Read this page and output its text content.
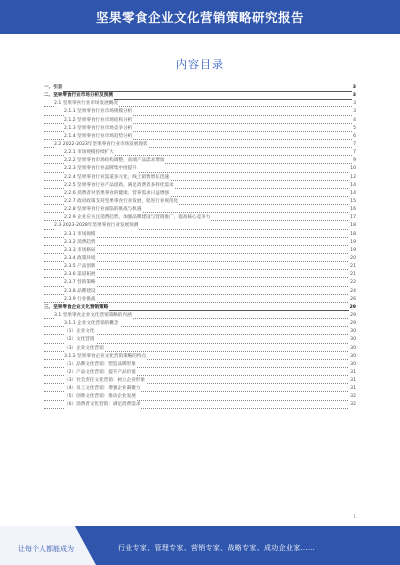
坚果零食企业文化营销策略研究报告
内容目录
一、引言	3
二、坚果零食行业市场分析及预测	3
2.1 坚果零食行业市场发展概况	3
2.1.1 坚果零食行业市场规模分析	3
2.1.2 坚果零食行业市场结构分析	4
2.1.3 坚果零食行业市场竞争分析	5
2.1.4 坚果零食行业市场趋势分析	6
2.2 2022-2023年坚果零食行业市场发展现状	7
2.2.1 市场规模持续扩大	7
2.2.2 坚果零食市场结构调整，高端产品需求增加	9
2.2.3 坚果零食行业品牌集中度提升	10
2.2.4 坚果零食行业渠道多元化，线上销售增长迅速	12
2.2.5 坚果零食行业产品创新，满足消费者多样化需求	14
2.2.6 消费者对坚果零食的健康、营养需求日益增强	14
2.2.7 政府政策支持坚果零食行业发展，促进行业规范化	15
2.2.8 坚果零食行业面临的挑战与机遇	16
2.2.9 企业应关注消费趋势，加强品牌建设与营销推广，提高核心竞争力	17
2.3 2023-2028年坚果零食行业发展预测	18
2.3.1 市场规模	18
2.3.2 消费趋势	19
2.3.3 市场格局	19
2.3.4 政策环境	20
2.3.5 产品创新	21
2.3.6 渠道拓展	21
2.3.7 营销策略	22
2.3.8 品牌建设	24
2.3.9 行业挑战	26
三、坚果零食企业文化营销策略	29
3.1 坚果零食企业文化营销策略的内涵	29
3.1.1 企业文化营销的概念	29
（1）企业文化	30
（2）文化营销	30
（3）企业文化营销	30
3.1.2 坚果零食企业文化营销策略的特点	30
（1）品牌文化营销：塑造品牌形象	30
（2）产品文化营销：提升产品价值	31
（3）社会责任文化营销：树立企业形象	31
（4）员工文化营销：增强企业凝聚力	31
（5）创新文化营销：推动企业发展	32
（6）消费者文化营销：满足消费需求	32
1
让每个人都能成为	行业专家、管理专家、营销专家、战略专家、成功企业家……
